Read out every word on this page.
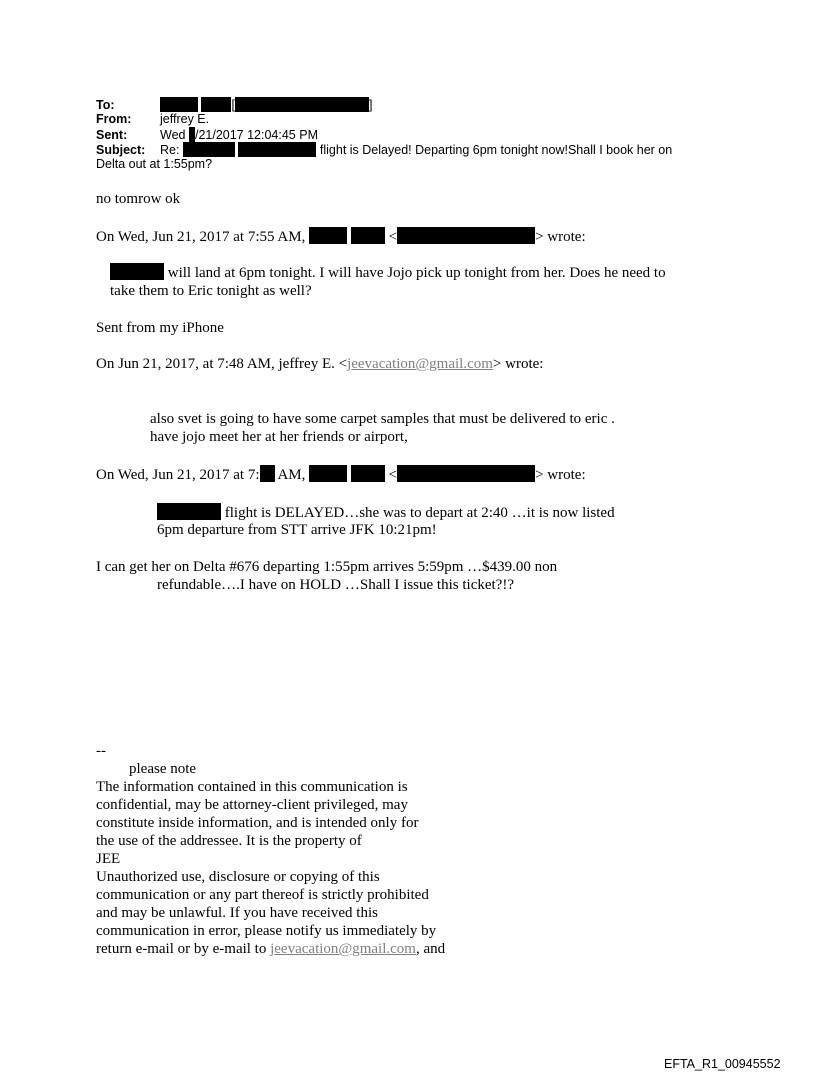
To:	[	]
From: jeffrey E.
Sent:	Wed /21/2017 12:04:45 PM
Subject: Re:	flight is Delayed! Departing 6pm tonight now!Shall I book her on
Delta out at 1:55pm?
no tomrow ok
On Wed, Jun 21, 2017 at 7:55 AM,	<	> wrote:
will land at 6pm tonight. I will have Jojo pick up tonight from her. Does he need to
take them to Eric tonight as well?
Sent from my iPhone
On Jun 21, 2017, at 7:48 AM, jeffrey E. <jeevacation@gmail.com> wrote:
also svet is going to have some carpet samples that must be delivered to eric .
have jojo meet her at her friends or airport,
On Wed, Jun 21, 2017 at 7: AM,	<	> wrote:
flight is DELAYED…she was to depart at 2:40 …it is now listed
6pm departure from STT arrive JFK 10:21pm!
I can get her on Delta #676 departing 1:55pm arrives 5:59pm …$439.00 non
refundable….I have on HOLD …Shall I issue this ticket?!?
--
please note
The information contained in this communication is
confidential, may be attorney-client privileged, may
constitute inside information, and is intended only for
the use of the addressee. It is the property of
JEE
Unauthorized use, disclosure or copying of this
communication or any part thereof is strictly prohibited
and may be unlawful. If you have received this
communication in error, please notify us immediately by
return e-mail or by e-mail to jeevacation@gmail.com, and
EFTA_R1_00945552
